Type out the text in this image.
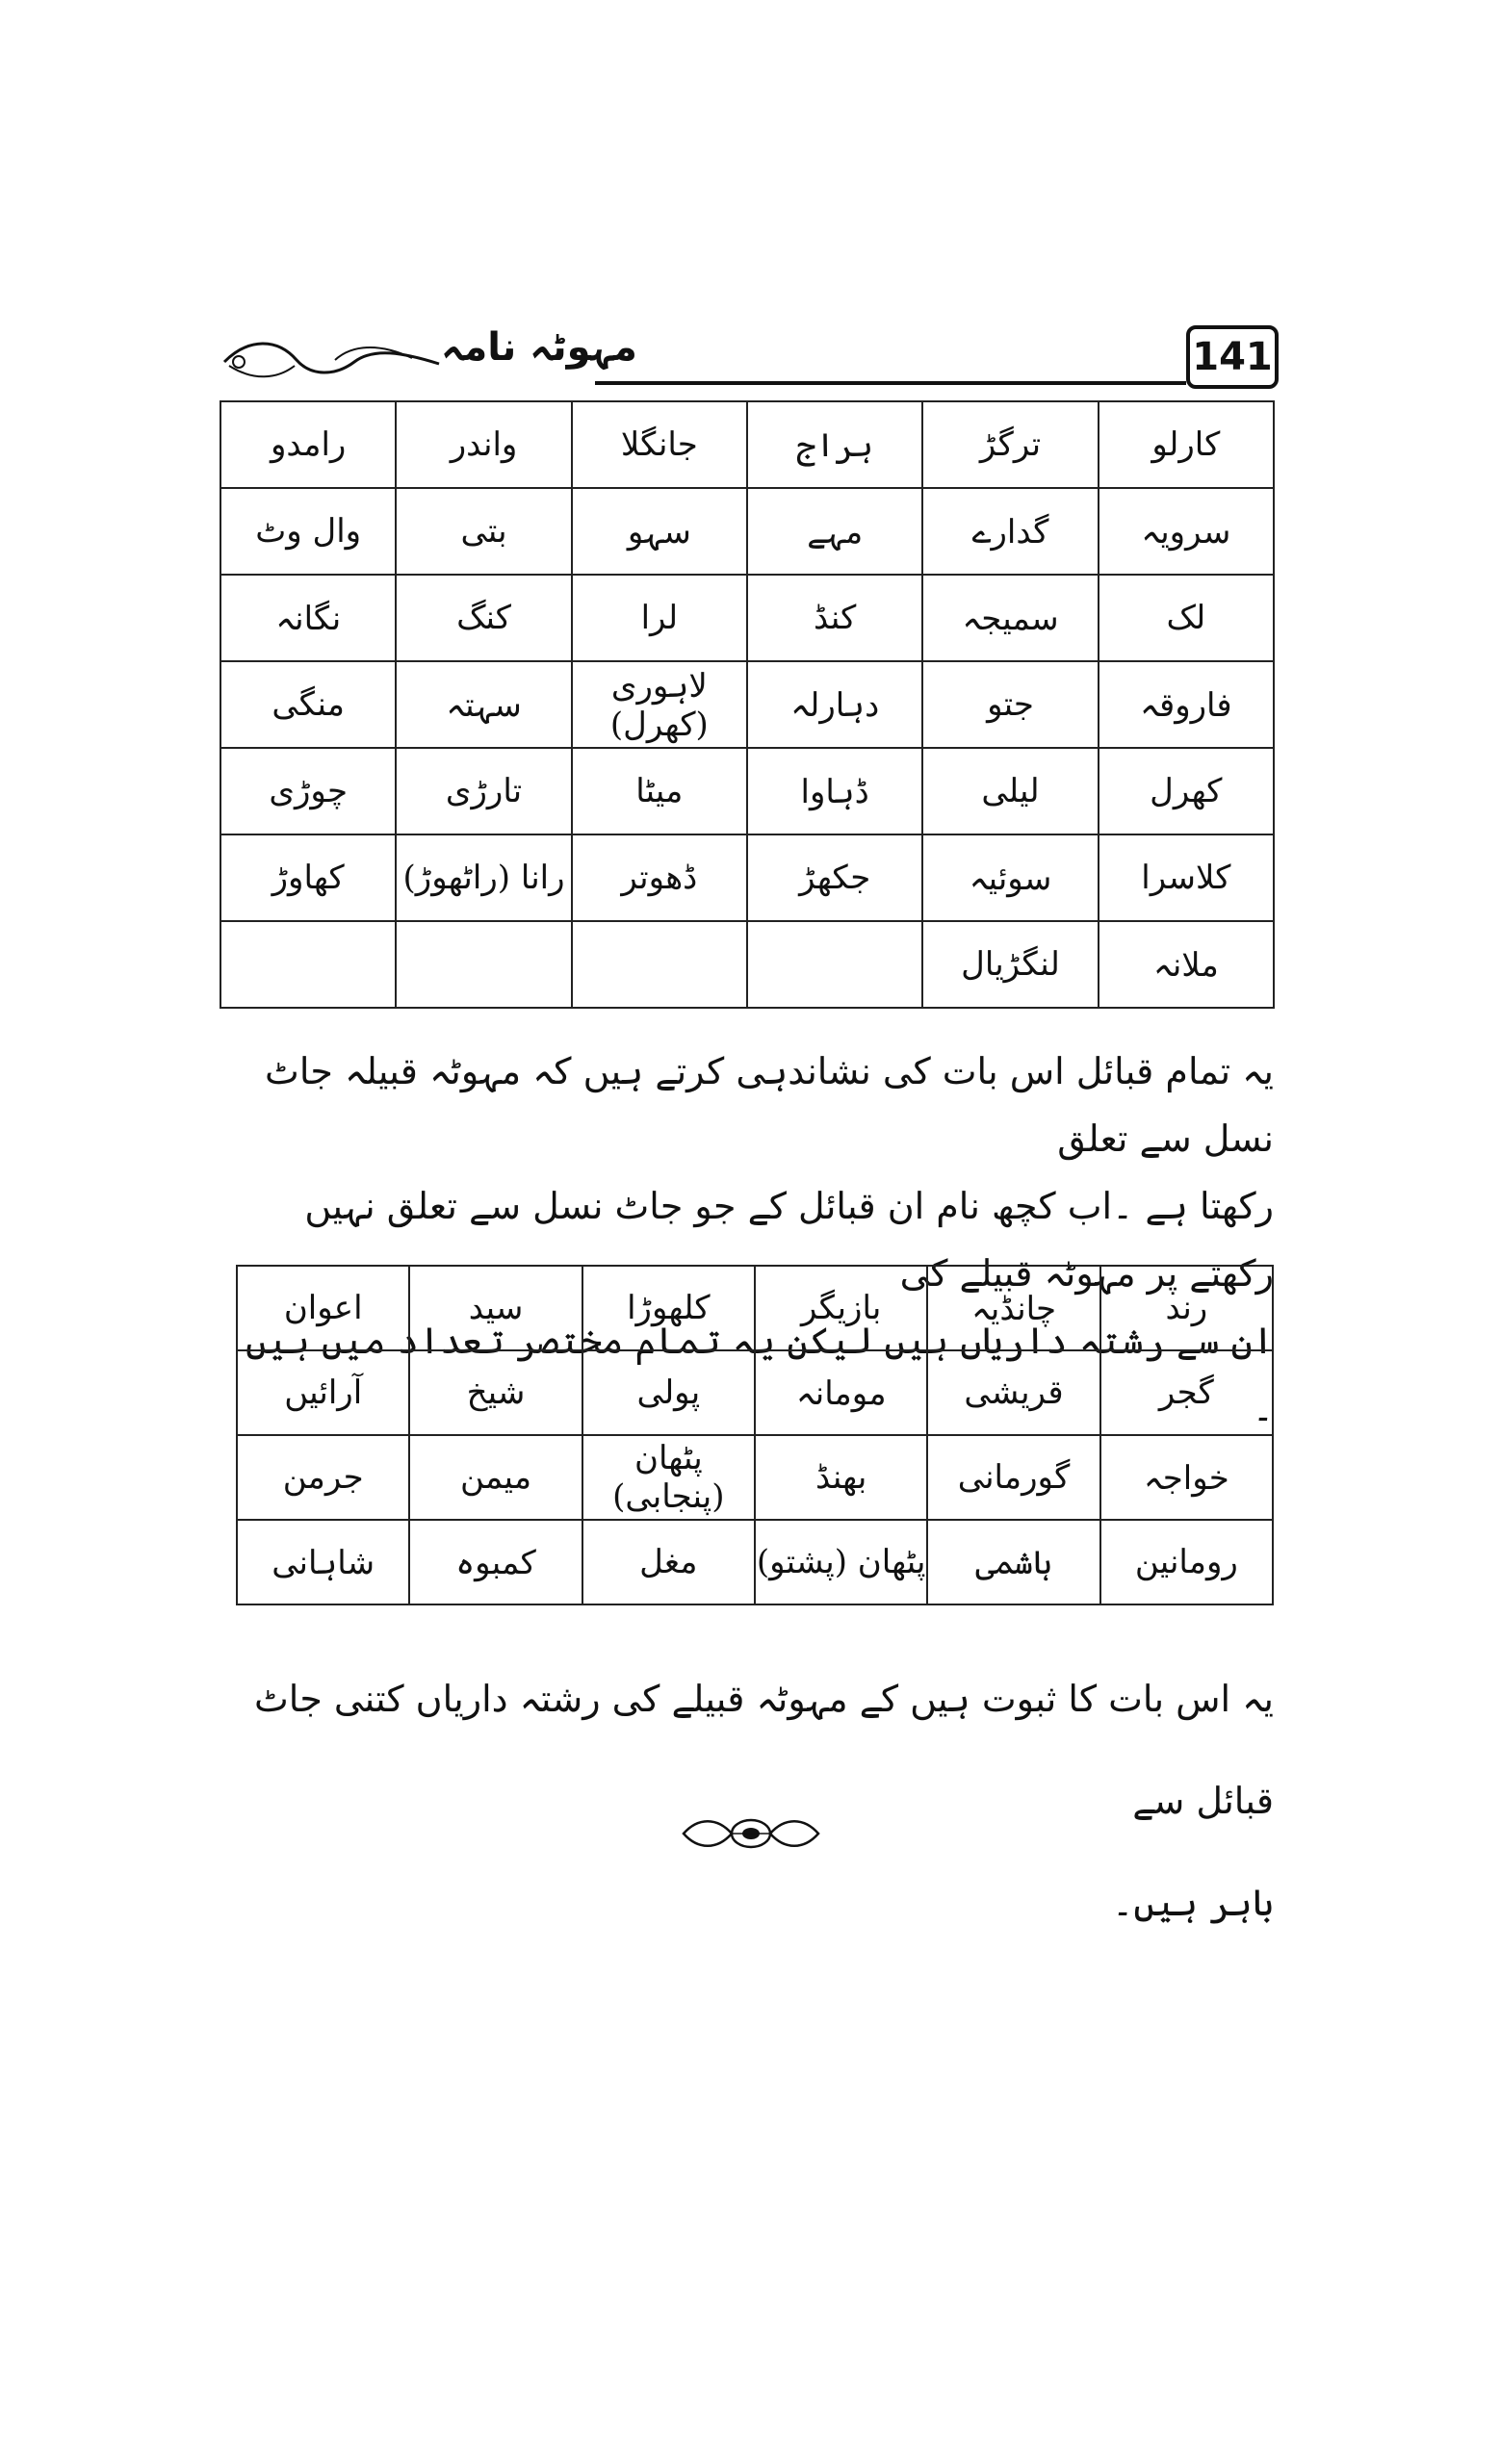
مہوٹہ نامہ	141
کارلو	ترگڑ	ہراج	جانگلا	واندر	رامدو
سرویہ	گدارے	مہے	سہو	بتی	وال وٹ
لک	سمیجہ	کنڈ	لرا	کنگ	نگانہ
فاروقہ	جتو	دہارلہ	لاہوری (کھرل)	سہتہ	منگی
کھرل	لیلی	ڈہاوا	میٹا	تارڑی	چوڑی
کلاسرا	سوئیہ	جکھڑ	ڈھوتر	رانا (راٹھوڑ)	کھاوڑ
ملانہ	لنگڑیال				
یہ تمام قبائل اس بات کی نشاندہی کرتے ہیں کہ مہوٹہ قبیلہ جاٹ نسل سے تعلق
رکھتا ہے ۔اب کچھ نام ان قبائل کے جو جاٹ نسل سے تعلق نہیں رکھتے پر مہوٹہ قبیلے کی
ان سے رشتہ داریاں ہیں لیکن یہ تمام مختصر تعداد میں ہیں ۔
رند	چانڈیہ	بازیگر	کلھوڑا	سید	اعوان
گجر	قریشی	مومانہ	پولی	شیخ	آرائیں
خواجہ	گورمانی	بھنڈ	پٹھان (پنجابی)	میمن	جرمن
رومانین	ہاشمی	پٹھان (پشتو)	مغل	کمبوہ	شاہانی
یہ اس بات کا ثبوت ہیں کے مہوٹہ قبیلے کی رشتہ داریاں کتنی جاٹ قبائل سے
باہر ہیں۔
